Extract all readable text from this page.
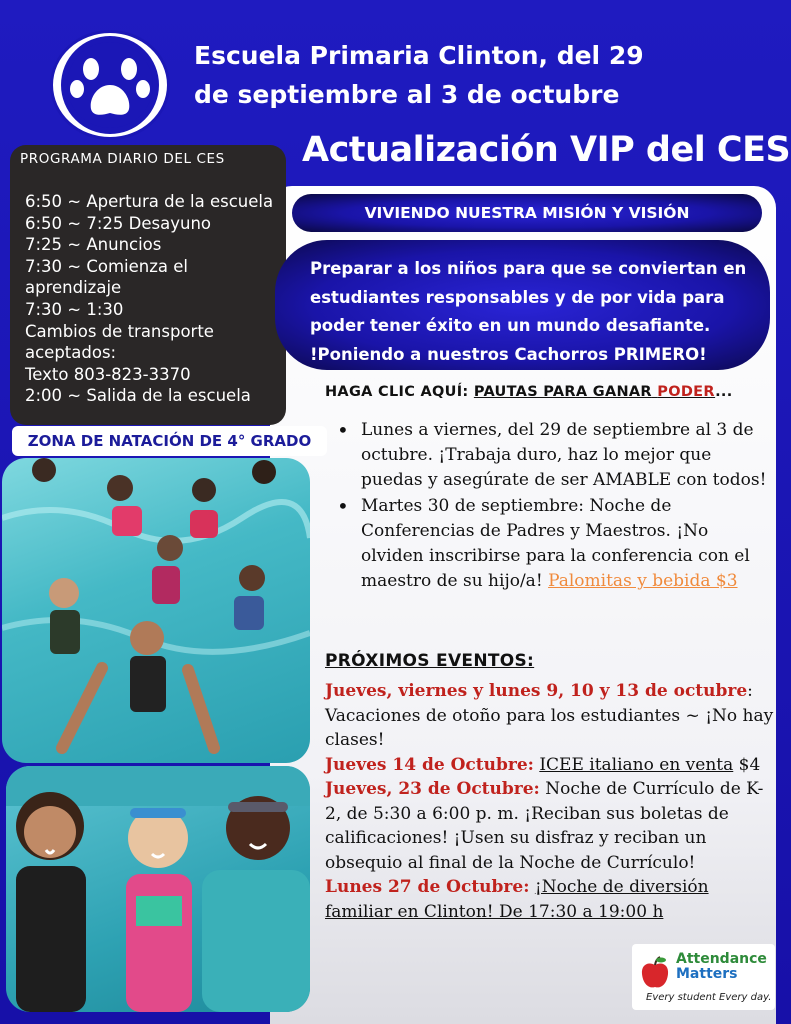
Escuela Primaria Clinton, del 29
de septiembre al 3 de octubre
Actualización VIP del CES
PROGRAMA DIARIO DEL CES
6:50 ~ Apertura de la escuela
6:50 ~ 7:25 Desayuno
7:25 ~ Anuncios
7:30 ~ Comienza el
aprendizaje
7:30 ~ 1:30
Cambios de transporte
aceptados:
Texto 803-823-3370
2:00 ~ Salida de la escuela
VIVIENDO NUESTRA MISIÓN Y VISIÓN
Preparar a los niños para que se conviertan en
estudiantes responsables y de por vida para
poder tener éxito en un mundo desafiante.
!Poniendo a nuestros Cachorros PRIMERO!
HAGA CLIC AQUÍ: PAUTAS PARA GANAR PODER...
• Lunes a viernes, del 29 de septiembre al 3 de octubre. ¡Trabaja duro, haz lo mejor que puedas y asegúrate de ser AMABLE con todos!
• Martes 30 de septiembre: Noche de Conferencias de Padres y Maestros. ¡No olviden inscribirse para la conferencia con el maestro de su hijo/a! Palomitas y bebida $3
PRÓXIMOS EVENTOS:
Jueves, viernes y lunes 9, 10 y 13 de octubre: Vacaciones de otoño para los estudiantes ~ ¡No hay clases!
Jueves 14 de Octubre: ICEE italiano en venta $4
Jueves, 23 de Octubre: Noche de Currículo de K-2, de 5:30 a 6:00 p. m. ¡Reciban sus boletas de calificaciones! ¡Usen su disfraz y reciban un obsequio al final de la Noche de Currículo!
Lunes 27 de Octubre: ¡Noche de diversión familiar en Clinton! De 17:30 a 19:00 h
ZONA DE NATACIÓN DE 4° GRADO
Attendance
Matters
Every student Every day.
